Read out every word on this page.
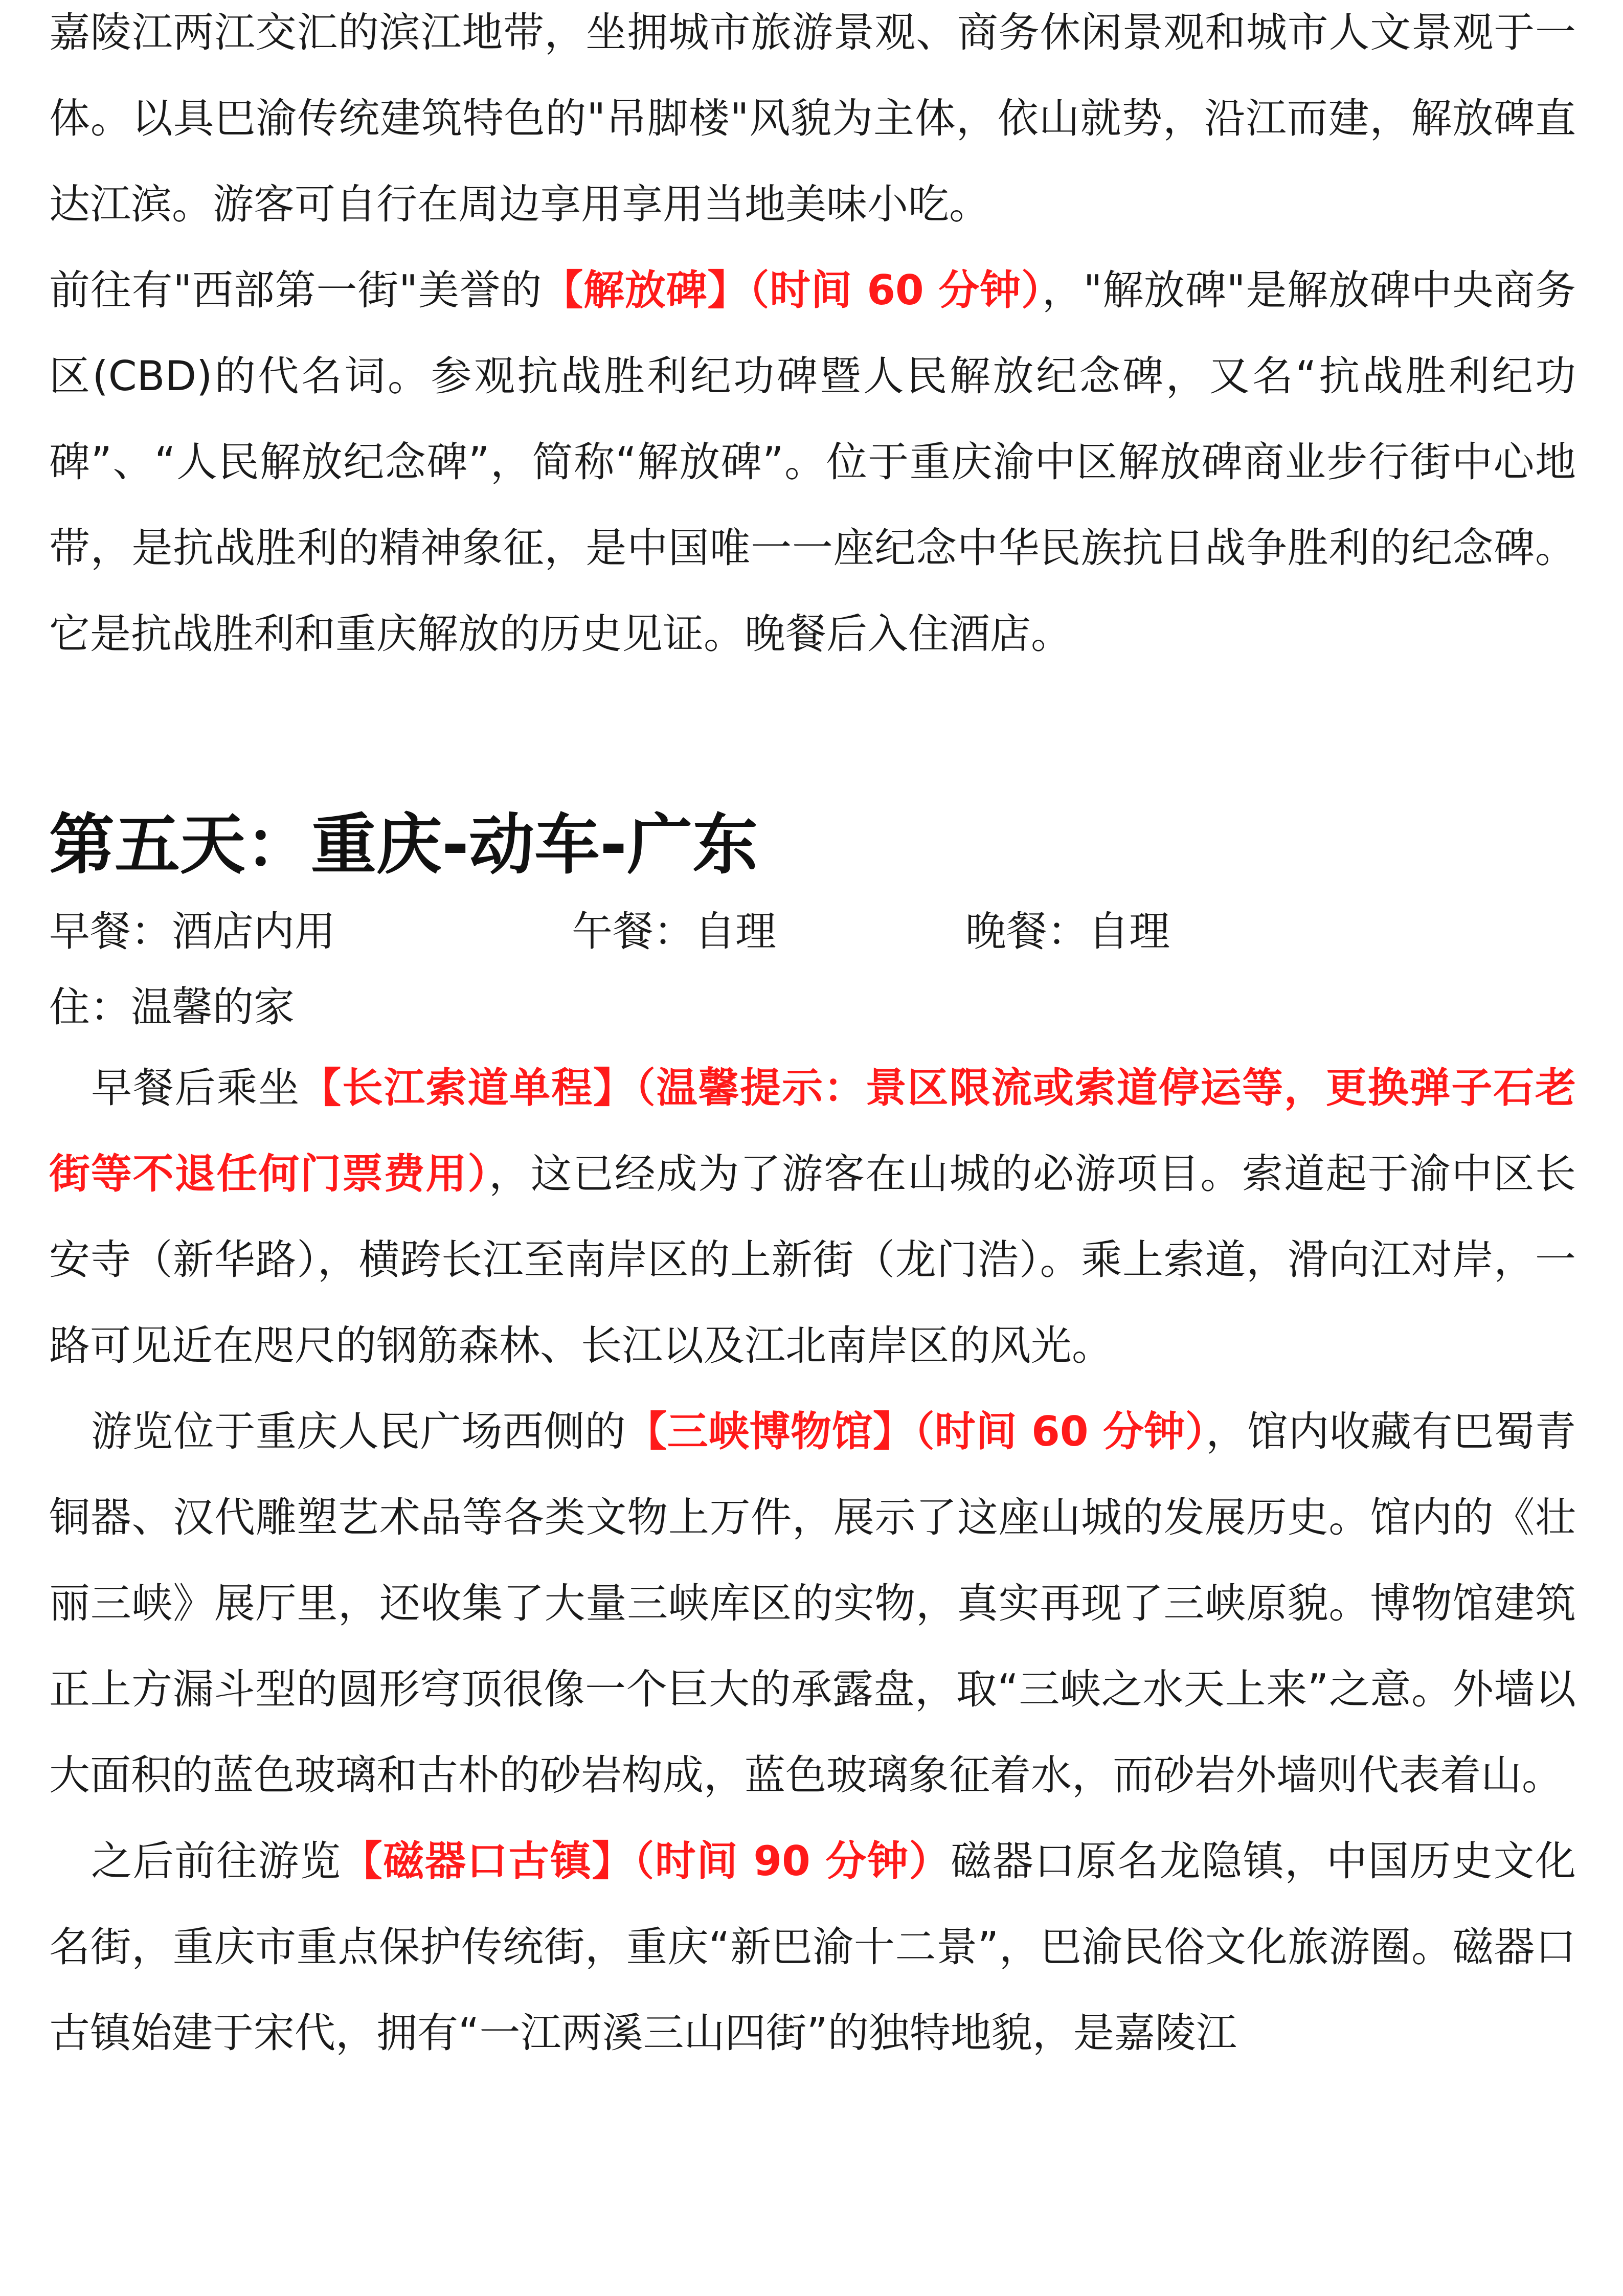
嘉陵江两江交汇的滨江地带，坐拥城市旅游景观、商务休闲景观和城市人文景观于一体。以具巴渝传统建筑特色的"吊脚楼"风貌为主体，依山就势，沿江而建，解放碑直达江滨。游客可自行在周边享用享用当地美味小吃。

前往有"西部第一街"美誉的【解放碑】（时间 60 分钟），"解放碑"是解放碑中央商务区(CBD)的代名词。参观抗战胜利纪功碑暨人民解放纪念碑，又名“抗战胜利纪功碑”、“人民解放纪念碑”，简称“解放碑”。位于重庆渝中区解放碑商业步行街中心地带，是抗战胜利的精神象征，是中国唯一一座纪念中华民族抗日战争胜利的纪念碑。它是抗战胜利和重庆解放的历史见证。晚餐后入住酒店。

第五天：重庆-动车-广东
早餐：酒店内用	午餐：自理	晚餐：自理

住：温馨的家

早餐后乘坐【长江索道单程】（温馨提示：景区限流或索道停运等，更换弹子石老街等不退任何门票费用），这已经成为了游客在山城的必游项目。索道起于渝中区长安寺（新华路），横跨长江至南岸区的上新街（龙门浩）。乘上索道，滑向江对岸，一路可见近在咫尺的钢筋森林、长江以及江北南岸区的风光。

游览位于重庆人民广场西侧的【三峡博物馆】（时间 60 分钟），馆内收藏有巴蜀青铜器、汉代雕塑艺术品等各类文物上万件，展示了这座山城的发展历史。馆内的《壮丽三峡》展厅里，还收集了大量三峡库区的实物，真实再现了三峡原貌。博物馆建筑正上方漏斗型的圆形穹顶很像一个巨大的承露盘，取“三峡之水天上来”之意。外墙以大面积的蓝色玻璃和古朴的砂岩构成，蓝色玻璃象征着水，而砂岩外墙则代表着山。

之后前往游览【磁器口古镇】（时间 90 分钟）磁器口原名龙隐镇，中国历史文化名街，重庆市重点保护传统街，重庆“新巴渝十二景”，巴渝民俗文化旅游圈。磁器口古镇始建于宋代，拥有“一江两溪三山四街”的独特地貌，是嘉陵江
